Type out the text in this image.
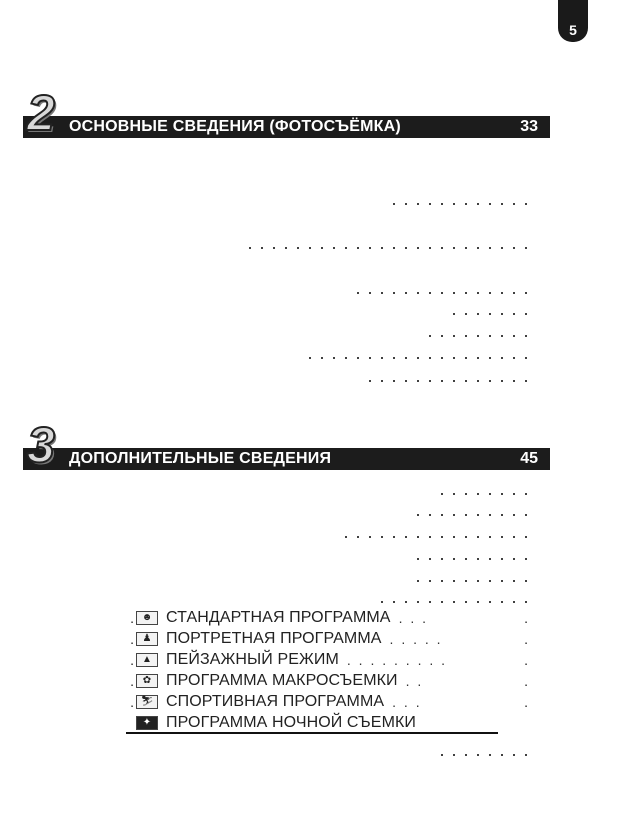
5
2 ОСНОВНЫЕ СВЕДЕНИЯ (ФОТОСЪЁМКА)	33
3 ДОПОЛНИТЕЛЬНЫЕ СВЕДЕНИЯ	45
. ☻ СТАНДАРТНАЯ ПРОГРАММА . . .	.
. ♟ ПОРТРЕТНАЯ ПРОГРАММА . . . . .	.
. ▲ ПЕЙЗАЖНЫЙ РЕЖИМ . . . . . . . . .	.
. ✿ ПРОГРАММА МАКРОСЪЕМКИ . .	.
. ⛷ СПОРТИВНАЯ ПРОГРАММА . . .	.
✦ ПРОГРАММА НОЧНОЙ СЪЕМКИ
